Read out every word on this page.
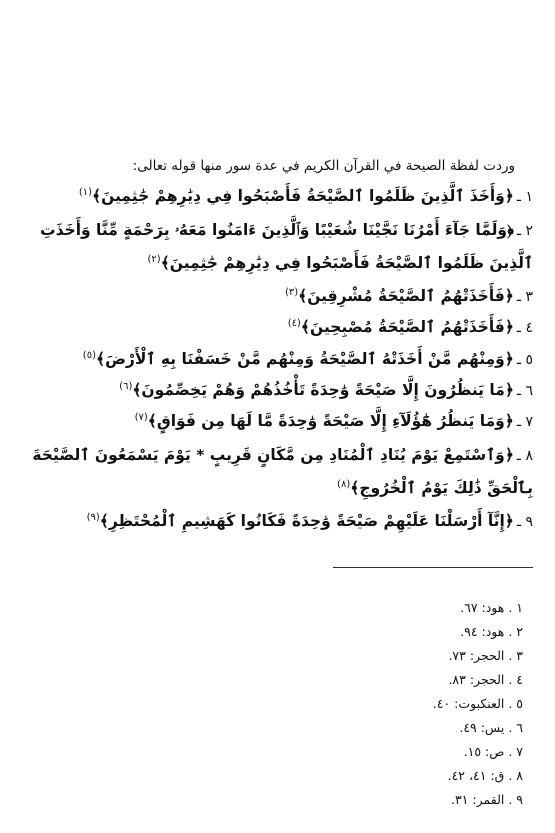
وردت لفظة الصيحة في القرآن الكريم في عدة سور منها قوله تعالى:
١ ـ﴿وَأَخَذَ ٱلَّذِينَ ظَلَمُوا ٱلصَّيْحَةُ فَأَصْبَحُوا فِي دِيَٰرِهِمْ جَٰثِمِينَ﴾$^{(١)}$
٢ ـ﴿وَلَمَّا جَآءَ أَمْرُنَا نَجَّيْنَا شُعَيْبًا وَٱلَّذِينَ ءَامَنُوا مَعَهُۥ بِرَحْمَةٍ مِّنَّا وَأَخَذَتِ
ٱلَّذِينَ ظَلَمُوا ٱلصَّيْحَةُ فَأَصْبَحُوا فِي دِيَٰرِهِمْ جَٰثِمِينَ﴾$^{(٢)}$
٣ ـ﴿فَأَخَذَتْهُمُ ٱلصَّيْحَةُ مُشْرِقِينَ﴾$^{(٣)}$
٤ ـ﴿فَأَخَذَتْهُمُ ٱلصَّيْحَةُ مُصْبِحِينَ﴾$^{(٤)}$
٥ ـ﴿وَمِنْهُم مَّنْ أَخَذَتْهُ ٱلصَّيْحَةُ وَمِنْهُم مَّنْ خَسَفْنَا بِهِ ٱلْأَرْضَ﴾$^{(٥)}$
٦ ـ﴿مَا يَنظُرُونَ إِلَّا صَيْحَةً وَٰحِدَةً تَأْخُذُهُمْ وَهُمْ يَخِصِّمُونَ﴾$^{(٦)}$
٧ ـ﴿وَمَا يَنظُرُ هَٰٓؤُلَآءِ إِلَّا صَيْحَةً وَٰحِدَةً مَّا لَهَا مِن فَوَاقٍ﴾$^{(٧)}$
٨ ـ﴿وَٱسْتَمِعْ يَوْمَ يُنَادِ ٱلْمُنَادِ مِن مَّكَانٍ قَرِيبٍ * يَوْمَ يَسْمَعُونَ ٱلصَّيْحَةَ
بِٱلْحَقِّ ذَٰلِكَ يَوْمُ ٱلْخُرُوجِ﴾$^{(٨)}$
٩ ـ﴿إِنَّآ أَرْسَلْنَا عَلَيْهِمْ صَيْحَةً وَٰحِدَةً فَكَانُوا كَهَشِيمِ ٱلْمُحْتَظِرِ﴾$^{(٩)}$
١ . هود: ٦٧.
٢ . هود: ٩٤.
٣ . الحجر: ٧٣.
٤ . الحجر: ٨٣.
٥ . العنكبوت: ٤٠.
٦ . يس: ٤٩.
٧ . ص: ١٥.
٨ . ق: ٤١، ٤٢.
٩ . القمر: ٣١.
